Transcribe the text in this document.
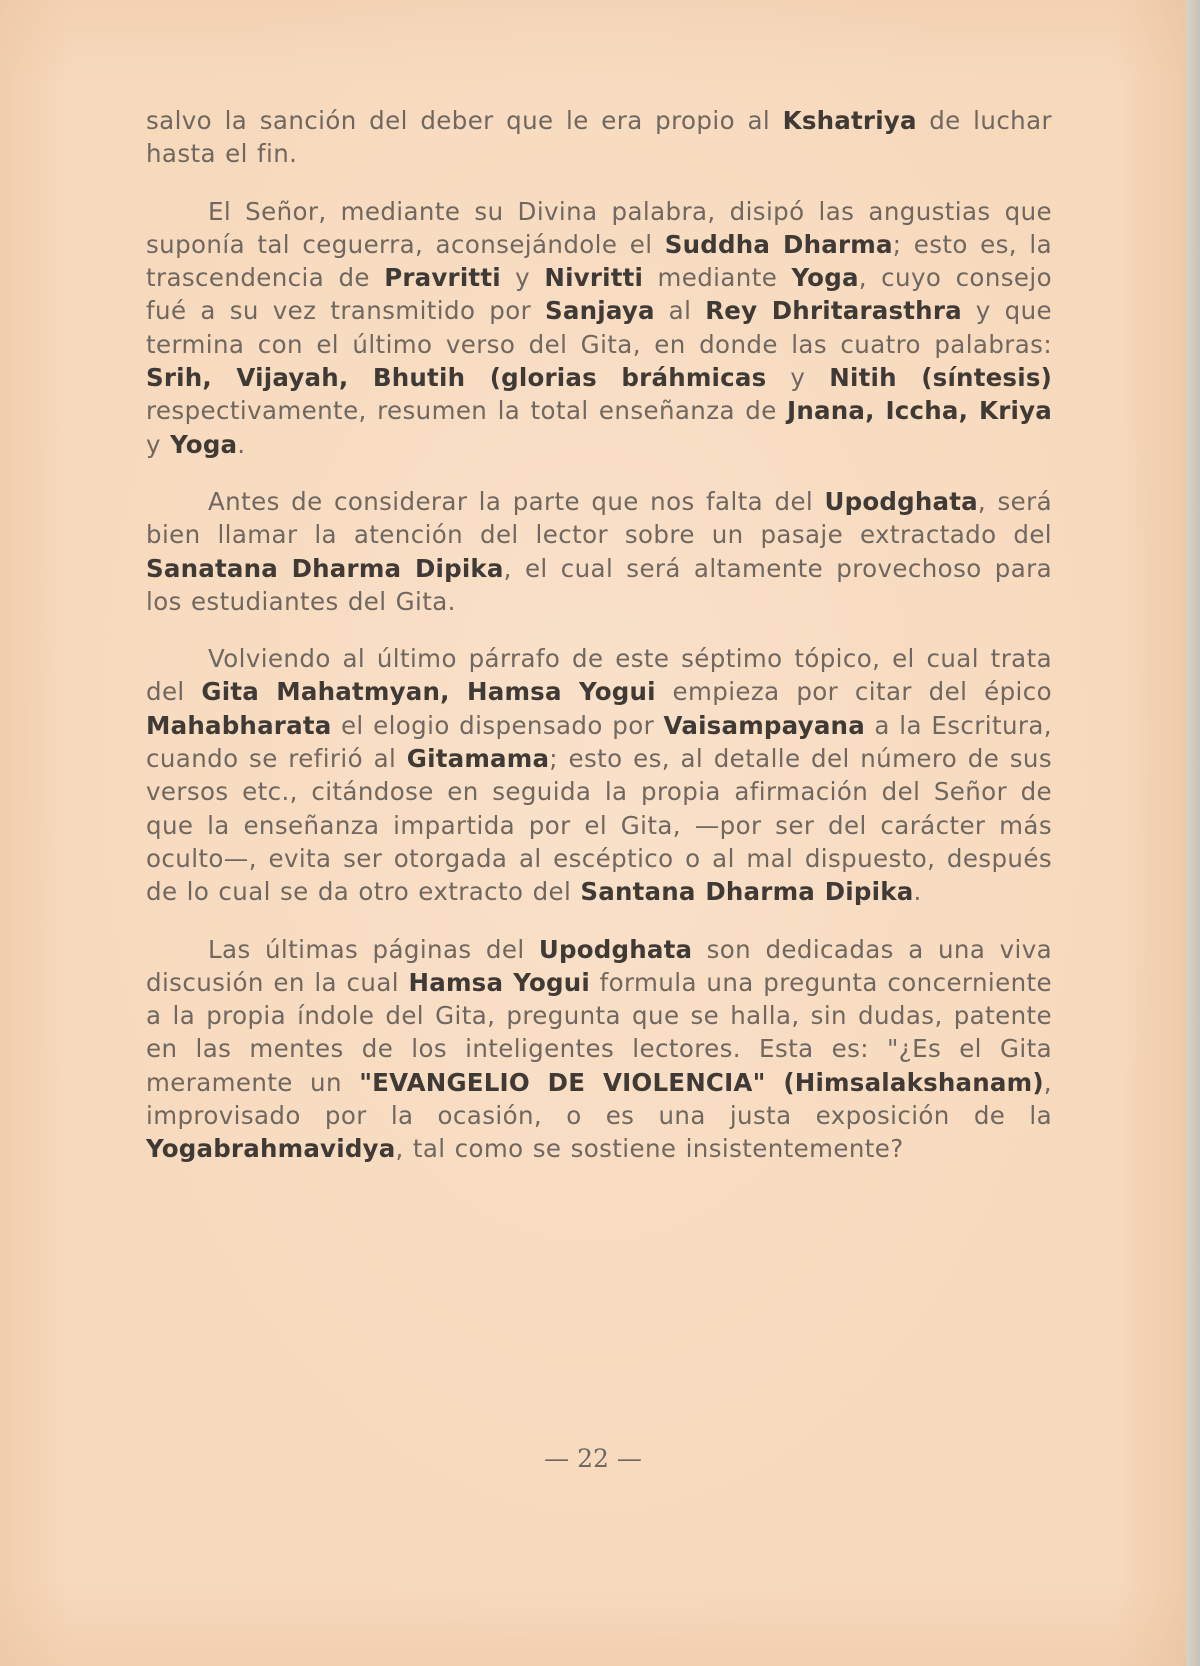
salvo la sanción del deber que le era propio al Kshatriya de luchar hasta el fin.

El Señor, mediante su Divina palabra, disipó las angustias que suponía tal ceguerra, aconsejándole el Suddha Dharma; esto es, la trascendencia de Pravritti y Nivritti mediante Yoga, cuyo consejo fué a su vez transmitido por Sanjaya al Rey Dhritarasthra y que termina con el último verso del Gita, en donde las cuatro palabras: Srih, Vijayah, Bhutih (glorias bráhmicas y Nitih (síntesis) respectivamente, resumen la total enseñanza de Jnana, Iccha, Kriya y Yoga.

Antes de considerar la parte que nos falta del Upodghata, será bien llamar la atención del lector sobre un pasaje extractado del Sanatana Dharma Dipika, el cual será altamente provechoso para los estudiantes del Gita.

Volviendo al último párrafo de este séptimo tópico, el cual trata del Gita Mahatmyan, Hamsa Yogui empieza por citar del épico Mahabharata el elogio dispensado por Vaisampayana a la Escritura, cuando se refirió al Gitamama; esto es, al detalle del número de sus versos etc., citándose en seguida la propia afirmación del Señor de que la enseñanza impartida por el Gita, —por ser del carácter más oculto—, evita ser otorgada al escéptico o al mal dispuesto, después de lo cual se da otro extracto del Santana Dharma Dipika.

Las últimas páginas del Upodghata son dedicadas a una viva discusión en la cual Hamsa Yogui formula una pregunta concerniente a la propia índole del Gita, pregunta que se halla, sin dudas, patente en las mentes de los inteligentes lectores. Esta es: "¿Es el Gita meramente un "EVANGELIO DE VIOLENCIA" (Himsalakshanam), improvisado por la ocasión, o es una justa exposición de la Yogabrahmavidya, tal como se sostiene insistentemente?

— 22 —
